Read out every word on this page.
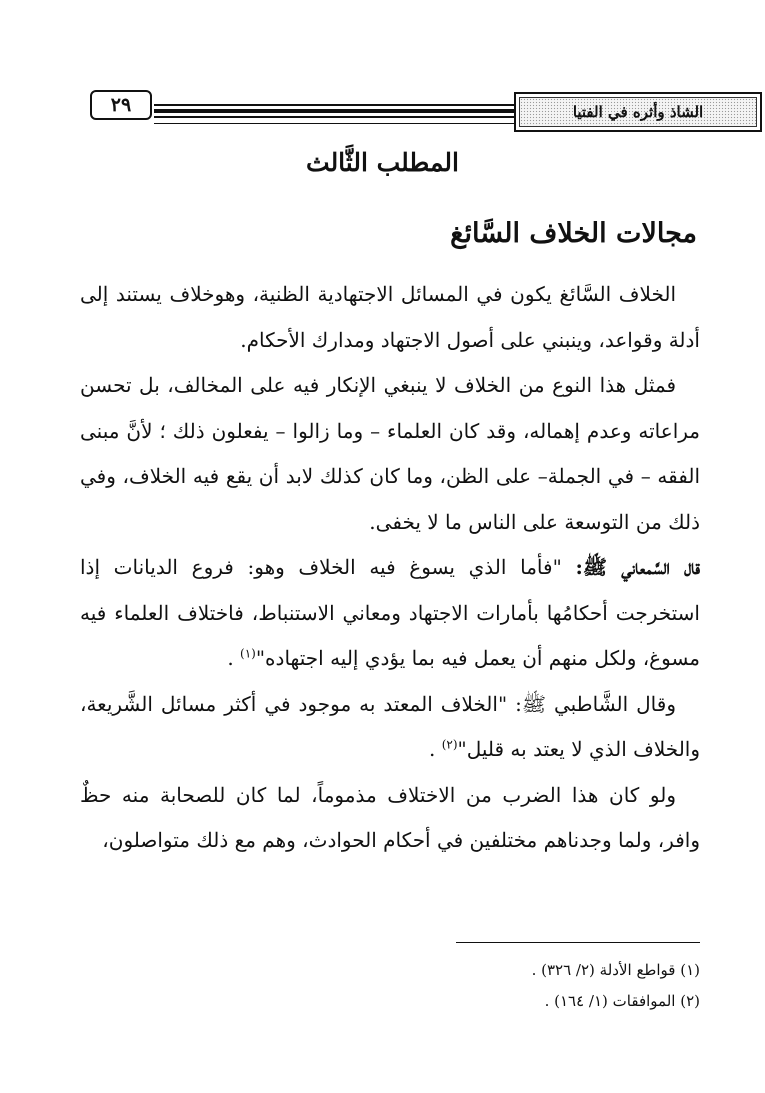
٢٩	الشاذ وأثره في الفتيا
المطلب الثَّالث
مجالات الخلاف السَّائغ

الخلاف السَّائغ يكون في المسائل الاجتهادية الظنية، وهوخلاف يستند إلى أدلة وقواعد، وينبني على أصول الاجتهاد ومدارك الأحكام.

فمثل هذا النوع من الخلاف لا ينبغي الإنكار فيه على المخالف، بل تحسن مراعاته وعدم إهماله، وقد كان العلماء – وما زالوا – يفعلون ذلك ؛ لأنَّ مبنى الفقه – في الجملة– على الظن، وما كان كذلك لابد أن يقع فيه الخلاف، وفي ذلك من التوسعة على الناس ما لا يخفى.

قال السَّمعاني ﷺ: "فأما الذي يسوغ فيه الخلاف وهو: فروع الديانات إذا استخرجت أحكامُها بأمارات الاجتهاد ومعاني الاستنباط، فاختلاف العلماء فيه مسوغ، ولكل منهم أن يعمل فيه بما يؤدي إليه اجتهاده"$^{(١)}$ .

وقال الشَّاطبي ﷺ: "الخلاف المعتد به موجود في أكثر مسائل الشَّريعة، والخلاف الذي لا يعتد به قليل"$^{(٢)}$ .

ولو كان هذا الضرب من الاختلاف مذموماً، لما كان للصحابة منه حظٌ وافر، ولما وجدناهم مختلفين في أحكام الحوادث، وهم مع ذلك متواصلون،

(١) قواطع الأدلة (٢/ ٣٢٦) .
(٢) الموافقات (١/ ١٦٤) .
